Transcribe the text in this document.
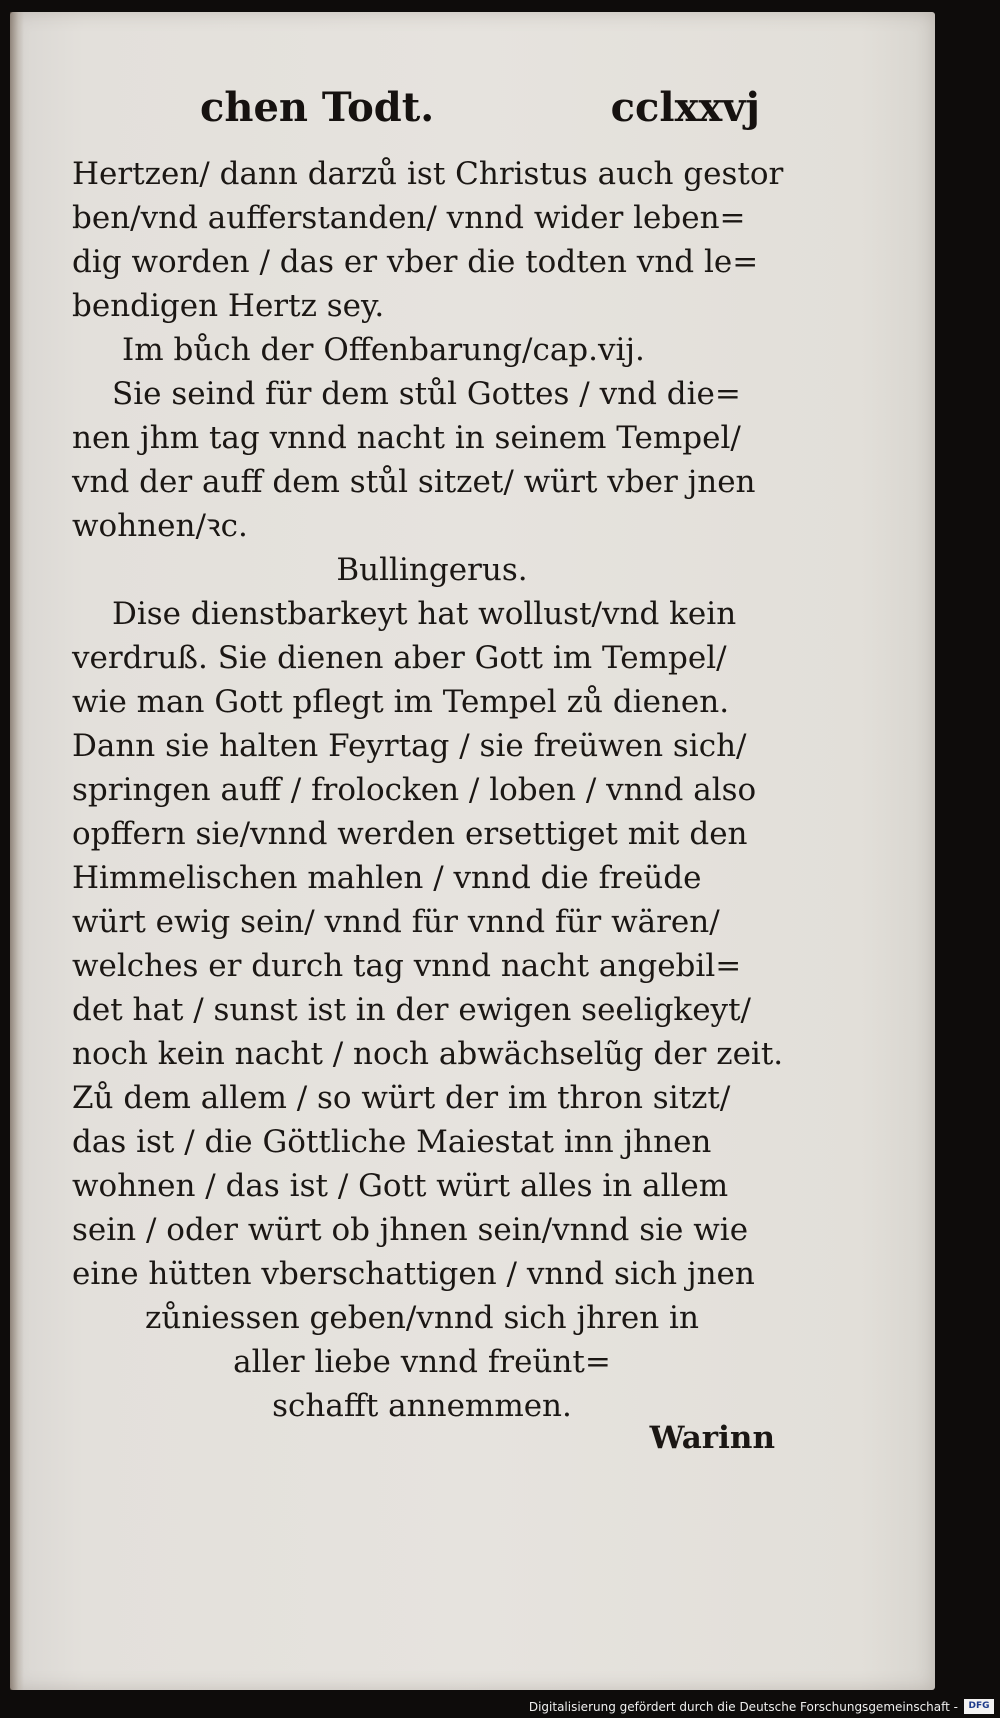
chen Todt.	cclxxvj
Hertzen/ dann darzů ist Christus auch gestor
ben/vnd aufferstanden/ vnnd wider leben=
dig worden / das er vber die todten vnd le=
bendigen Hertz sey.
Im bůch der Offenbarung/cap.vij.
Sie seind für dem stůl Gottes / vnd die=
nen jhm tag vnnd nacht in seinem Tempel/
vnd der auff dem stůl sitzet/ würt vber jnen
wohnen/ꝛc.
Bullingerus.
Dise dienstbarkeyt hat wollust/vnd kein
verdruß. Sie dienen aber Gott im Tempel/
wie man Gott pflegt im Tempel zů dienen.
Dann sie halten Feyrtag / sie freüwen sich/
springen auff / frolocken / loben / vnnd also
opffern sie/vnnd werden ersettiget mit den
Himmelischen mahlen / vnnd die freüde
würt ewig sein/ vnnd für vnnd für wären/
welches er durch tag vnnd nacht angebil=
det hat / sunst ist in der ewigen seeligkeyt/
noch kein nacht / noch abwächselũg der zeit.
Zů dem allem / so würt der im thron sitzt/
das ist / die Göttliche Maiestat inn jhnen
wohnen / das ist / Gott würt alles in allem
sein / oder würt ob jhnen sein/vnnd sie wie
eine hütten vberschattigen / vnnd sich jnen
zůniessen geben/vnnd sich jhren in
aller liebe vnnd freünt=
schafft annemmen.
Warinn
Digitalisierung gefördert durch die Deutsche Forschungsgemeinschaft -	DFG
